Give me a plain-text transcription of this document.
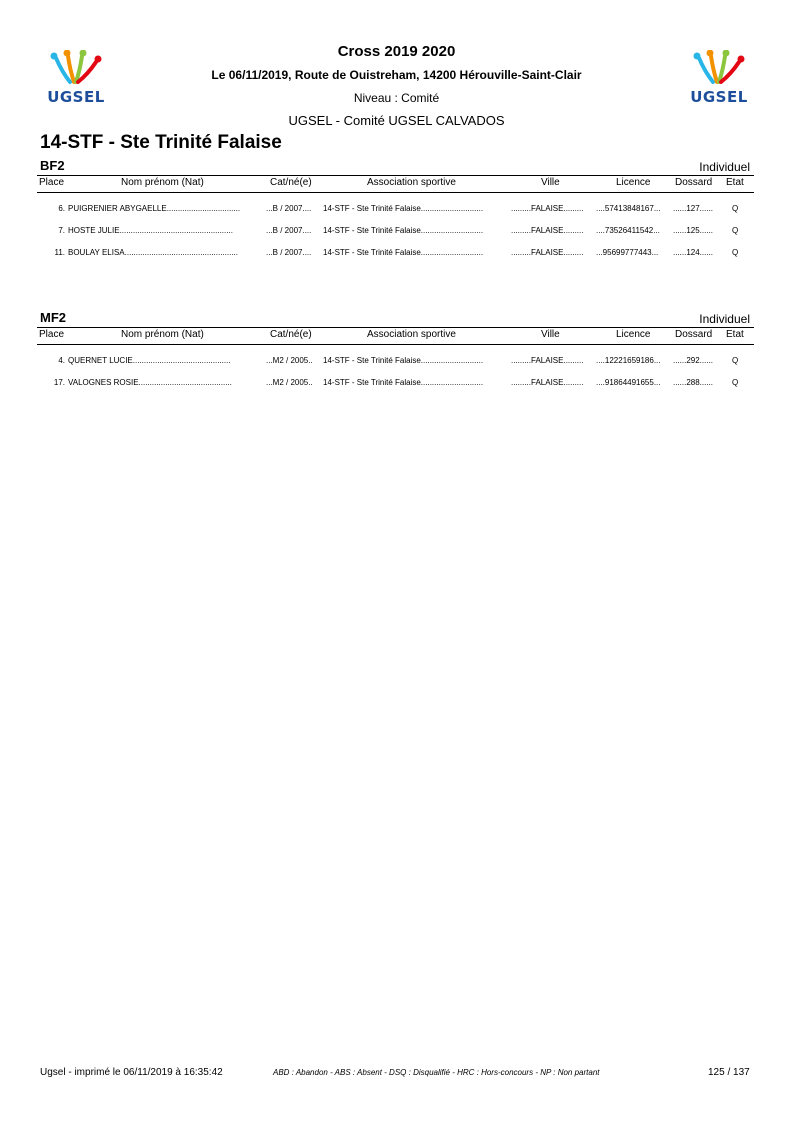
UGSEL	UGSEL
Cross 2019 2020
Le 06/11/2019, Route de Ouistreham, 14200 Hérouville-Saint-Clair
Niveau : Comité
UGSEL - Comité UGSEL CALVADOS
14-STF - Ste Trinité Falaise
BF2	Individuel
Place	Nom prénom (Nat)	Cat/né(e)	Association sportive	Ville	Licence Dossard Etat
6. PUIGRENIER ABYGAELLE.................................	...B / 2007....	14-STF - Ste Trinité Falaise............................	.........FALAISE.........	....57413848167...	......127......	Q
7. HOSTE JULIE...................................................	...B / 2007....	14-STF - Ste Trinité Falaise............................	.........FALAISE.........	....73526411542...	......125......	Q
11. BOULAY ELISA...................................................	...B / 2007....	14-STF - Ste Trinité Falaise............................	.........FALAISE.........	...95699777443...	......124......	Q
MF2	Individuel
Place	Nom prénom (Nat)	Cat/né(e)	Association sportive	Ville	Licence Dossard Etat
4. QUERNET LUCIE............................................	...M2 / 2005..	14-STF - Ste Trinité Falaise............................	.........FALAISE.........	....12221659186...	......292......	Q
17. VALOGNES ROSIE..........................................	...M2 / 2005..	14-STF - Ste Trinité Falaise............................	.........FALAISE.........	....91864491655...	......288......	Q
Ugsel - imprimé le 06/11/2019 à 16:35:42	ABD : Abandon - ABS : Absent - DSQ : Disqualifié - HRC : Hors-concours - NP : Non partant	125 / 137
